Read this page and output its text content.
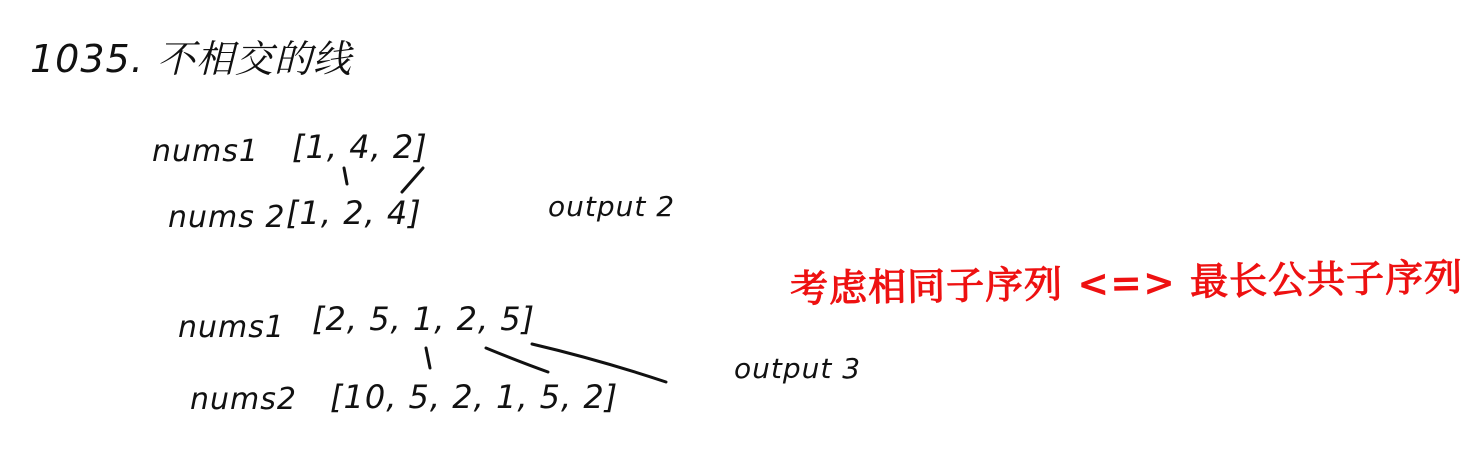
1035. 不相交的线
nums1 [1, 4, 2]
nums 2 [1, 2, 4]	output 2
考虑相同子序列 <=> 最长公共子序列
nums1 [2, 5, 1, 2, 5]
nums2 [10, 5, 2, 1, 5, 2]
output 3
